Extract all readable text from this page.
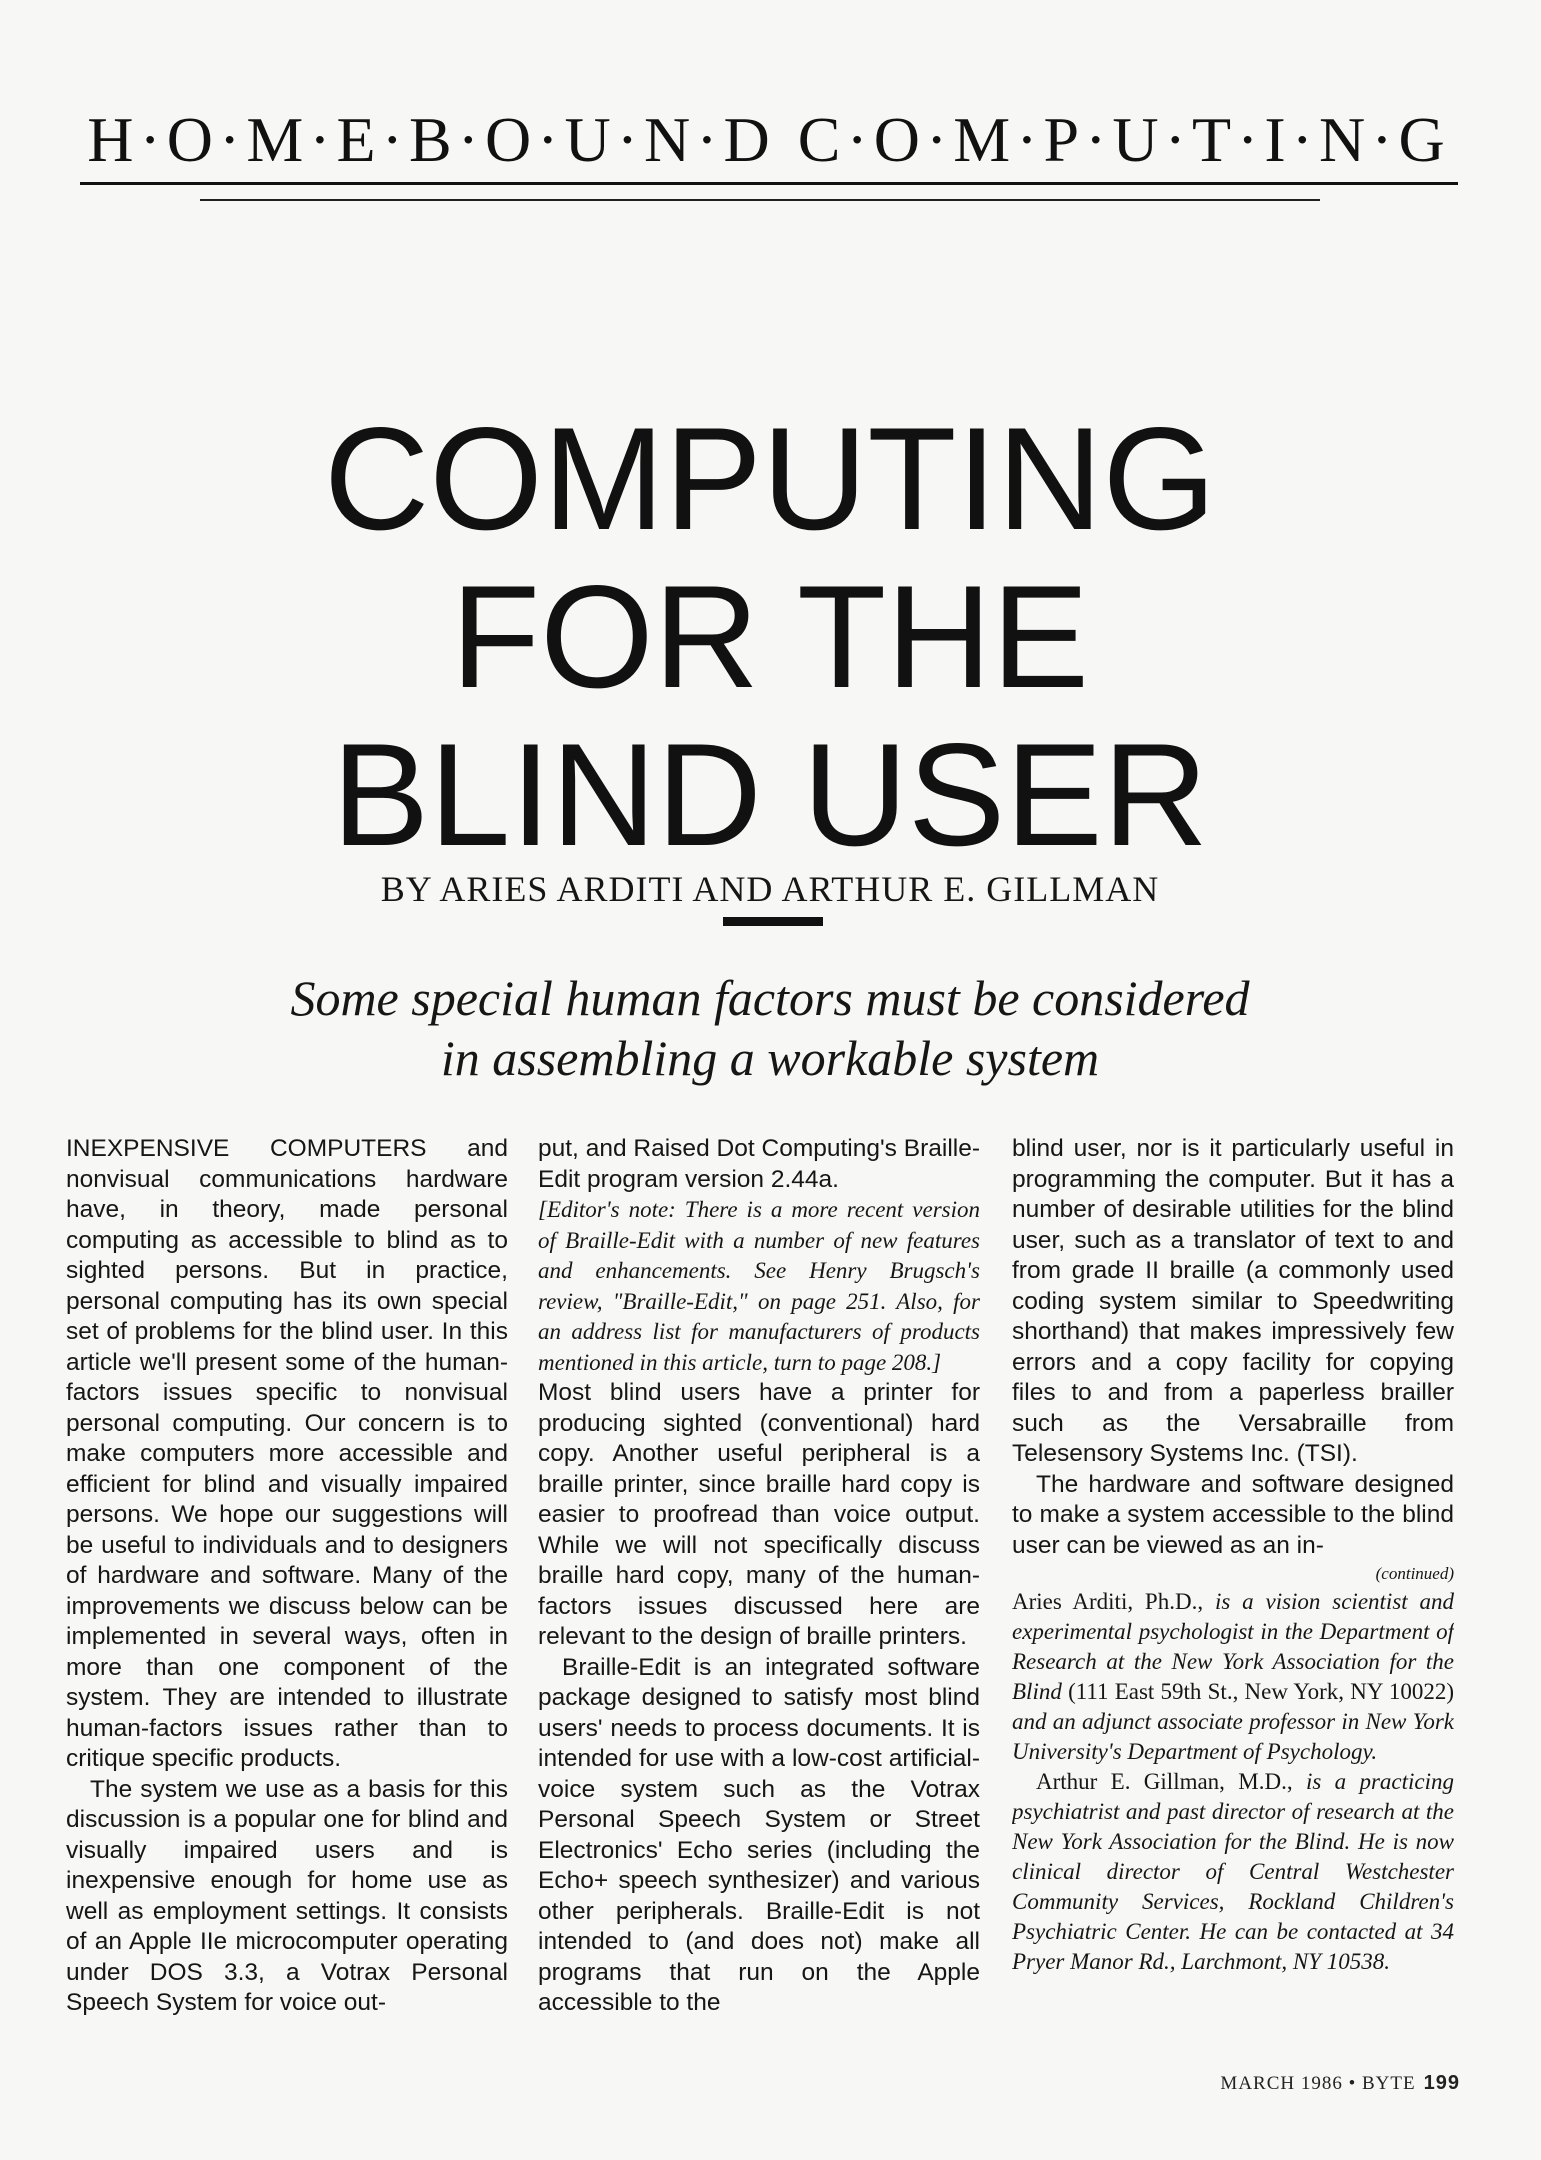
H·O·M·E·B·O·U·N·D C·O·M·P·U·T·I·N·G
COMPUTING
FOR THE
BLIND USER
BY ARIES ARDITI AND ARTHUR E. GILLMAN
Some special human factors must be considered
in assembling a workable system

INEXPENSIVE COMPUTERS and nonvisual communications hardware have, in theory, made personal computing as accessible to blind as to sighted persons. But in practice, personal computing has its own special set of problems for the blind user. In this article we'll present some of the human-factors issues specific to nonvisual personal computing. Our concern is to make computers more accessible and efficient for blind and visually impaired persons. We hope our suggestions will be useful to individuals and to designers of hardware and software. Many of the improvements we discuss below can be implemented in several ways, often in more than one component of the system. They are intended to illustrate human-factors issues rather than to critique specific products.

The system we use as a basis for this discussion is a popular one for blind and visually impaired users and is inexpensive enough for home use as well as employment settings. It consists of an Apple IIe microcomputer operating under DOS 3.3, a Votrax Personal Speech System for voice out-

put, and Raised Dot Computing's Braille-Edit program version 2.44a.

[Editor's note: There is a more recent version of Braille-Edit with a number of new features and enhancements. See Henry Brugsch's review, "Braille-Edit," on page 251. Also, for an address list for manufacturers of products mentioned in this article, turn to page 208.]

Most blind users have a printer for producing sighted (conventional) hard copy. Another useful peripheral is a braille printer, since braille hard copy is easier to proofread than voice output. While we will not specifically discuss braille hard copy, many of the human-factors issues discussed here are relevant to the design of braille printers.

Braille-Edit is an integrated software package designed to satisfy most blind users' needs to process documents. It is intended for use with a low-cost artificial-voice system such as the Votrax Personal Speech System or Street Electronics' Echo series (including the Echo+ speech synthesizer) and various other peripherals. Braille-Edit is not intended to (and does not) make all programs that run on the Apple accessible to the

blind user, nor is it particularly useful in programming the computer. But it has a number of desirable utilities for the blind user, such as a translator of text to and from grade II braille (a commonly used coding system similar to Speedwriting shorthand) that makes impressively few errors and a copy facility for copying files to and from a paperless brailler such as the Versabraille from Telesensory Systems Inc. (TSI).

The hardware and software designed to make a system accessible to the blind user can be viewed as an in-

(continued)

Aries Arditi, Ph.D., is a vision scientist and experimental psychologist in the Department of Research at the New York Association for the Blind (111 East 59th St., New York, NY 10022) and an adjunct associate professor in New York University's Department of Psychology.

Arthur E. Gillman, M.D., is a practicing psychiatrist and past director of research at the New York Association for the Blind. He is now clinical director of Central Westchester Community Services, Rockland Children's Psychiatric Center. He can be contacted at 34 Pryer Manor Rd., Larchmont, NY 10538.

MARCH 1986 • BYTE 199
